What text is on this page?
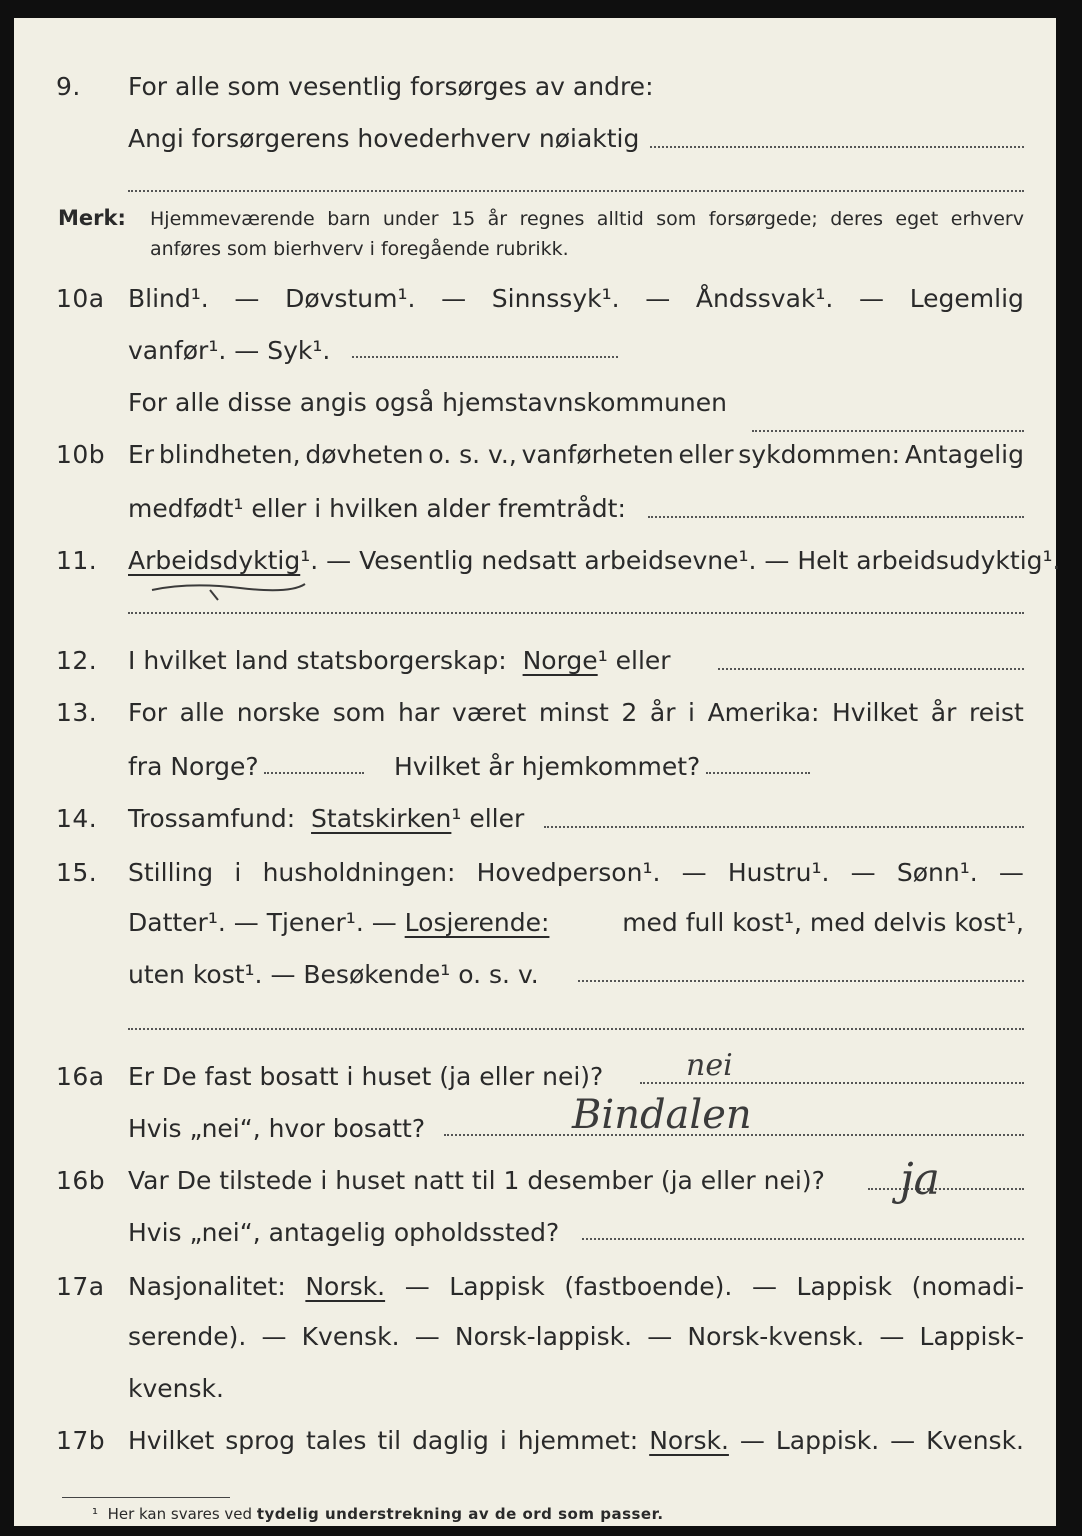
9. For alle som vesentlig forsørges av andre:
Angi forsørgerens hovederhverv nøiaktig
Merk: Hjemmeværende barn under 15 år regnes alltid som forsørgede; deres eget erhverv
anføres som bierhverv i foregående rubrikk.
10a Blind¹. — Døvstum¹. — Sinnssyk¹. — Åndssvak¹. — Legemlig
vanfør¹. — Syk¹.
For alle disse angis også hjemstavnskommunen
10b Er blindheten, døvheten o. s. v., vanførheten eller sykdommen: Antagelig
medfødt¹ eller i hvilken alder fremtrådt:
11. Arbeidsdyktig¹. — Vesentlig nedsatt arbeidsevne¹. — Helt arbeidsudyktig¹.
12. I hvilket land statsborgerskap: Norge¹ eller
13. For alle norske som har været minst 2 år i Amerika: Hvilket år reist
fra Norge?	Hvilket år hjemkommet?
14. Trossamfund: Statskirken¹ eller
15. Stilling i husholdningen: Hovedperson¹. — Hustru¹. — Sønn¹. —
Datter¹. — Tjener¹. — Losjerende:	med full kost¹, med delvis kost¹,
uten kost¹. — Besøkende¹ o. s. v.
16a Er De fast bosatt i huset (ja eller nei)?	nei
Hvis „nei“, hvor bosatt?	Bindalen
16b Var De tilstede i huset natt til 1 desember (ja eller nei)? ja
Hvis „nei“, antagelig opholdssted?
17a Nasjonalitet: Norsk. — Lappisk (fastboende). — Lappisk (nomadi-
serende). — Kvensk. — Norsk-lappisk. — Norsk-kvensk. — Lappisk-
kvensk.
17b Hvilket sprog tales til daglig i hjemmet: Norsk. — Lappisk. — Kvensk.
¹ Her kan svares ved tydelig understrekning av de ord som passer.
